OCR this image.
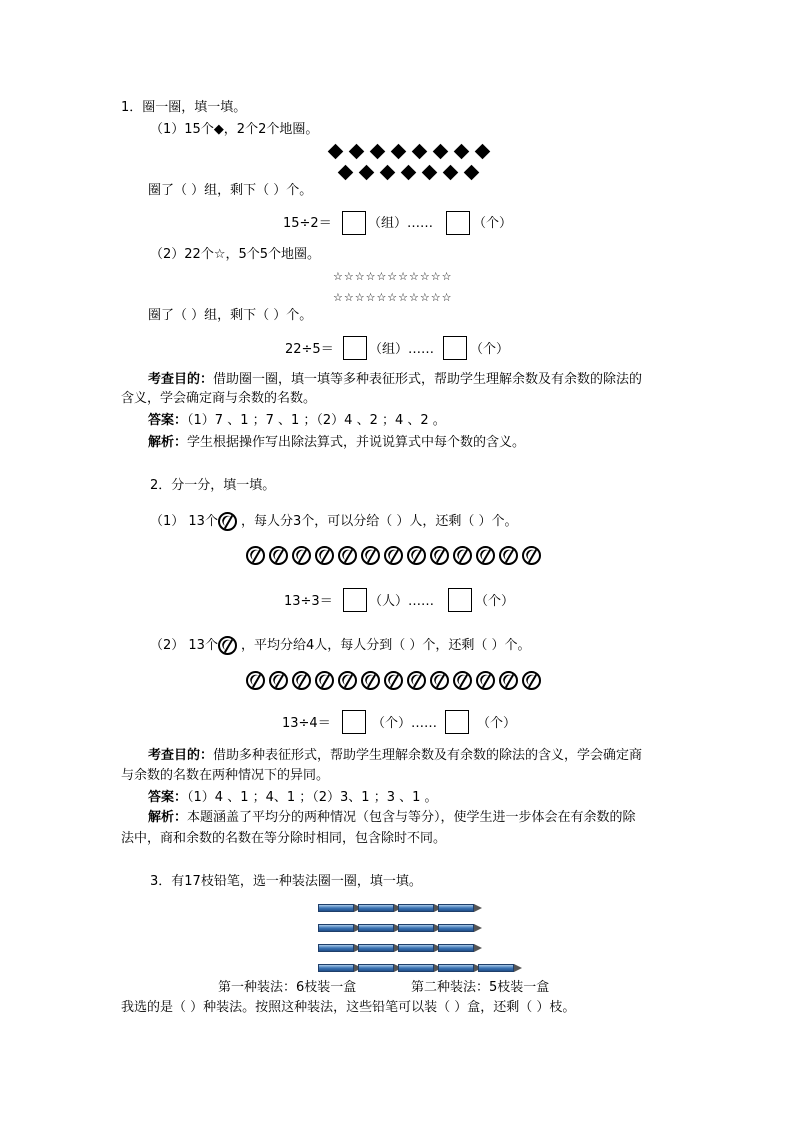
1．圈一圈，填一填。
（1）15个◆，2个2个地圈。
圈了（ ）组，剩下（ ）个。
15÷2＝	（组）……	（个）
（2）22个☆，5个5个地圈。
☆☆☆☆☆☆☆☆☆☆☆
☆☆☆☆☆☆☆☆☆☆☆
圈了（ ）组，剩下（ ）个。
22÷5＝	（组）……	（个）
考查目的：借助圈一圈，填一填等多种表征形式，帮助学生理解余数及有余数的除法的
含义，学会确定商与余数的名数。
答案：（1）7 、1 ；7 、1 ；（2）4 、2 ；4 、2 。
解析：学生根据操作写出除法算式，并说说算式中每个数的含义。
2．分一分，填一填。
（1） 13个 ，每人分3个，可以分给（ ）人，还剩（ ）个。
13÷3＝	（人）……	（个）
（2） 13个 ，平均分给4人，每人分到（ ）个，还剩（ ）个。
13÷4＝	（个）……	（个）
考查目的：借助多种表征形式，帮助学生理解余数及有余数的除法的含义，学会确定商
与余数的名数在两种情况下的异同。
答案：（1）4 、1 ；4、1 ；（2）3、1 ；3 、1 。
解析：本题涵盖了平均分的两种情况（包含与等分），使学生进一步体会在有余数的除
法中，商和余数的名数在等分除时相同，包含除时不同。
3．有17枝铅笔，选一种装法圈一圈，填一填。
第一种装法：6枝装一盒	第二种装法：5枝装一盒
我选的是（ ）种装法。按照这种装法，这些铅笔可以装（ ）盒，还剩（ ）枝。
